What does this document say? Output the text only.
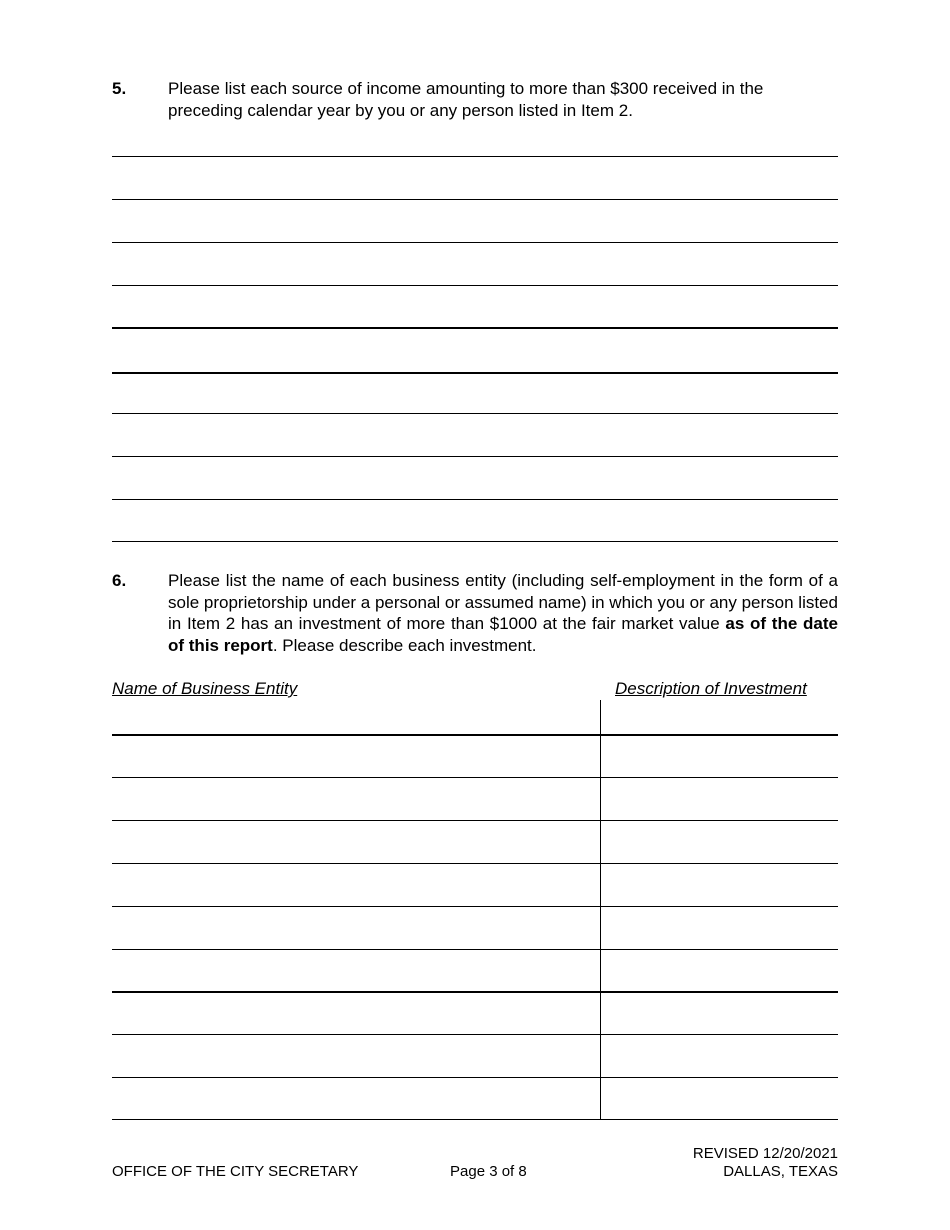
5. Please list each source of income amounting to more than $300 received in the preceding calendar year by you or any person listed in Item 2.
6. Please list the name of each business entity (including self-employment in the form of a sole proprietorship under a personal or assumed name) in which you or any person listed in Item 2 has an investment of more than $1000 at the fair market value as of the date of this report. Please describe each investment.
Name of Business Entity	Description of Investment
OFFICE OF THE CITY SECRETARY	Page 3 of 8
REVISED 12/20/2021
DALLAS, TEXAS
